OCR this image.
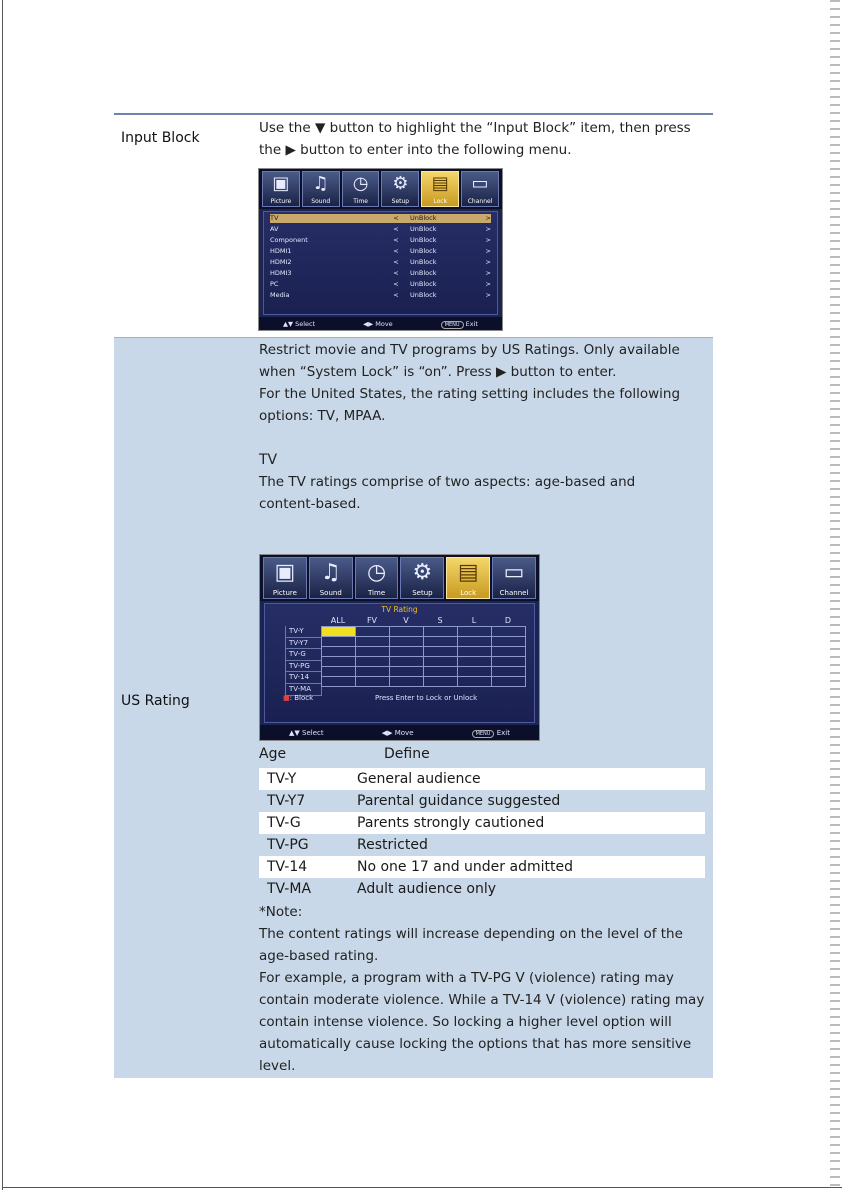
Input Block
Use the ▼ button to highlight the “Input Block” item, then press
the ▶ button to enter into the following menu.
▣
Picture
♫
Sound
◷
Time
⚙
Setup
▤
Lock
▭
Channel
TV	<	UnBlock	>
AV	<	UnBlock	>
Component	<	UnBlock	>
HDMI1	<	UnBlock	>
HDMI2	<	UnBlock	>
HDMI3	<	UnBlock	>
PC	<	UnBlock	>
Media	<	UnBlock	>
▲▼ Select	◀▶ Move	MENU Exit
US Rating
Restrict movie and TV programs by US Ratings. Only available
when “System Lock” is “on”. Press ▶ button to enter.
For the United States, the rating setting includes the following
options: TV, MPAA.
TV
The TV ratings comprise of two aspects: age-based and
content-based.
▣
Picture
♫
Sound
◷
Time
⚙
Setup
▤
Lock
▭
Channel
TV Rating
ALL	FV	V	S	L	D
TV-Y
TV-Y7
TV-G
TV-PG
TV-14
TV-MA

■: Block	Press Enter to Lock or Unlock
▲▼ Select	◀▶ Move	MENU Exit
Age	Define
TV-Y	General audience
TV-Y7	Parental guidance suggested
TV-G	Parents strongly cautioned
TV-PG	Restricted
TV-14	No one 17 and under admitted
TV-MA	Adult audience only
*Note:
The content ratings will increase depending on the level of the
age-based rating.
For example, a program with a TV-PG V (violence) rating may
contain moderate violence. While a TV-14 V (violence) rating may
contain intense violence. So locking a higher level option will
automatically cause locking the options that has more sensitive
level.
